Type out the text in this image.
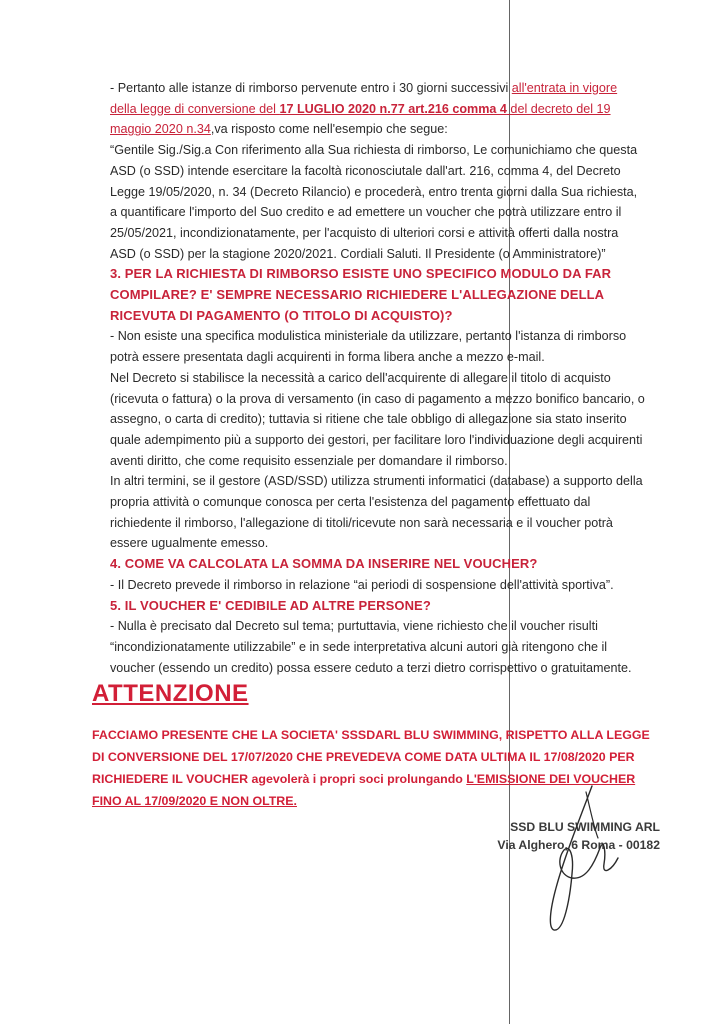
- Pertanto alle istanze di rimborso pervenute entro i 30 giorni successivi all'entrata in vigore della legge di conversione del 17 LUGLIO 2020 n.77 art.216 comma 4 del decreto del 19 maggio 2020 n.34,va risposto come nell'esempio che segue:

“Gentile Sig./Sig.a Con riferimento alla Sua richiesta di rimborso, Le comunichiamo che questa ASD (o SSD) intende esercitare la facoltà riconosciutale dall'art. 216, comma 4, del Decreto Legge 19/05/2020, n. 34 (Decreto Rilancio) e procederà, entro trenta giorni dalla Sua richiesta, a quantificare l'importo del Suo credito e ad emettere un voucher che potrà utilizzare entro il 25/05/2021, incondizionatamente, per l'acquisto di ulteriori corsi e attività offerti dalla nostra ASD (o SSD) per la stagione 2020/2021. Cordiali Saluti. Il Presidente (o Amministratore)”

3. PER LA RICHIESTA DI RIMBORSO ESISTE UNO SPECIFICO MODULO DA FAR COMPILARE? E' SEMPRE NECESSARIO RICHIEDERE L'ALLEGAZIONE DELLA RICEVUTA DI PAGAMENTO (O TITOLO DI ACQUISTO)?

- Non esiste una specifica modulistica ministeriale da utilizzare, pertanto l'istanza di rimborso potrà essere presentata dagli acquirenti in forma libera anche a mezzo e-mail.

Nel Decreto si stabilisce la necessità a carico dell'acquirente di allegare il titolo di acquisto (ricevuta o fattura) o la prova di versamento (in caso di pagamento a mezzo bonifico bancario, o assegno, o carta di credito); tuttavia si ritiene che tale obbligo di allegazione sia stato inserito quale adempimento più a supporto dei gestori, per facilitare loro l'individuazione degli acquirenti aventi diritto, che come requisito essenziale per domandare il rimborso.

In altri termini, se il gestore (ASD/SSD) utilizza strumenti informatici (database) a supporto della propria attività o comunque conosca per certa l'esistenza del pagamento effettuato dal richiedente il rimborso, l'allegazione di titoli/ricevute non sarà necessaria e il voucher potrà essere ugualmente emesso.

4. COME VA CALCOLATA LA SOMMA DA INSERIRE NEL VOUCHER?

- Il Decreto prevede il rimborso in relazione “ai periodi di sospensione dell'attività sportiva”.

5. IL VOUCHER E' CEDIBILE AD ALTRE PERSONE?

- Nulla è precisato dal Decreto sul tema; purtuttavia, viene richiesto che il voucher risulti “incondizionatamente utilizzabile” e in sede interpretativa alcuni autori già ritengono che il voucher (essendo un credito) possa essere ceduto a terzi dietro corrispettivo o gratuitamente.

ATTENZIONE

FACCIAMO PRESENTE CHE LA SOCIETA' SSSDARL BLU SWIMMING, RISPETTO ALLA LEGGE DI CONVERSIONE DEL 17/07/2020 CHE PREVEDEVA COME DATA ULTIMA IL 17/08/2020 PER RICHIEDERE IL VOUCHER agevolerà i propri soci prolungando L'EMISSIONE DEI VOUCHER FINO AL 17/09/2020 E NON OLTRE.

SSD BLU SWIMMING ARL
Via Alghero, 6 Roma - 00182
